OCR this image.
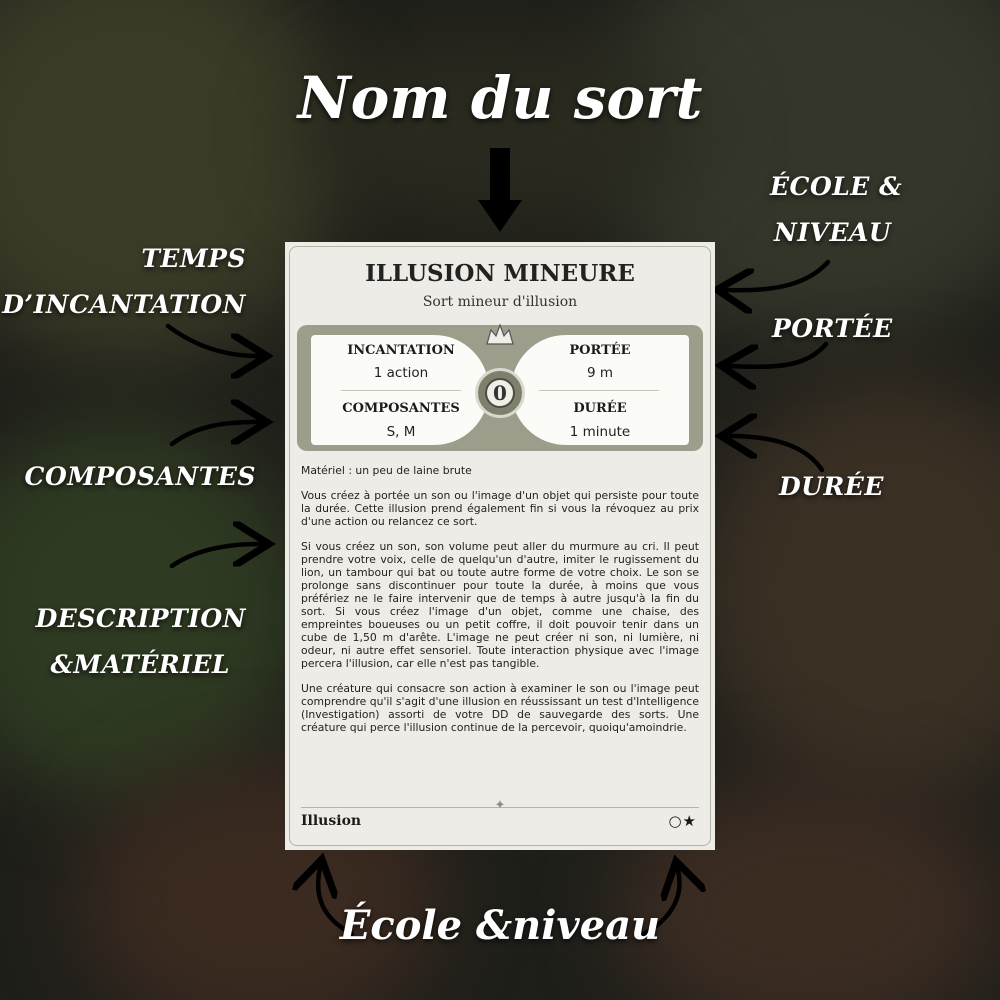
Nom du sort
ÉCOLE &
NIVEAU
TEMPS
D’INCANTATION
PORTÉE
DURÉE
COMPOSANTES
DESCRIPTION
&MATÉRIEL
École &niveau
ILLUSION MINEURE
Sort mineur d'illusion
INCANTATION
1 action
COMPOSANTES
S, M
PORTÉE
9 m
DURÉE
1 minute
0

Matériel : un peu de laine brute

Vous créez à portée un son ou l'image d'un objet qui persiste pour toute la durée. Cette illusion prend également fin si vous la révoquez au prix d'une action ou relancez ce sort.

Si vous créez un son, son volume peut aller du murmure au cri. Il peut prendre votre voix, celle de quelqu'un d'autre, imiter le rugissement du lion, un tambour qui bat ou toute autre forme de votre choix. Le son se prolonge sans discontinuer pour toute la durée, à moins que vous préfériez ne le faire intervenir que de temps à autre jusqu'à la fin du sort. Si vous créez l'image d'un objet, comme une chaise, des empreintes boueuses ou un petit coffre, il doit pouvoir tenir dans un cube de 1,50 m d'arête. L'image ne peut créer ni son, ni lumière, ni odeur, ni autre effet sensoriel. Toute interaction physique avec l'image percera l'illusion, car elle n'est pas tangible.

Une créature qui consacre son action à examiner le son ou l'image peut comprendre qu'il s'agit d'une illusion en réussissant un test d'Intelligence (Investigation) assorti de votre DD de sauvegarde des sorts. Une créature qui perce l'illusion continue de la percevoir, quoiqu'amoindrie.

✦
Illusion	○★
